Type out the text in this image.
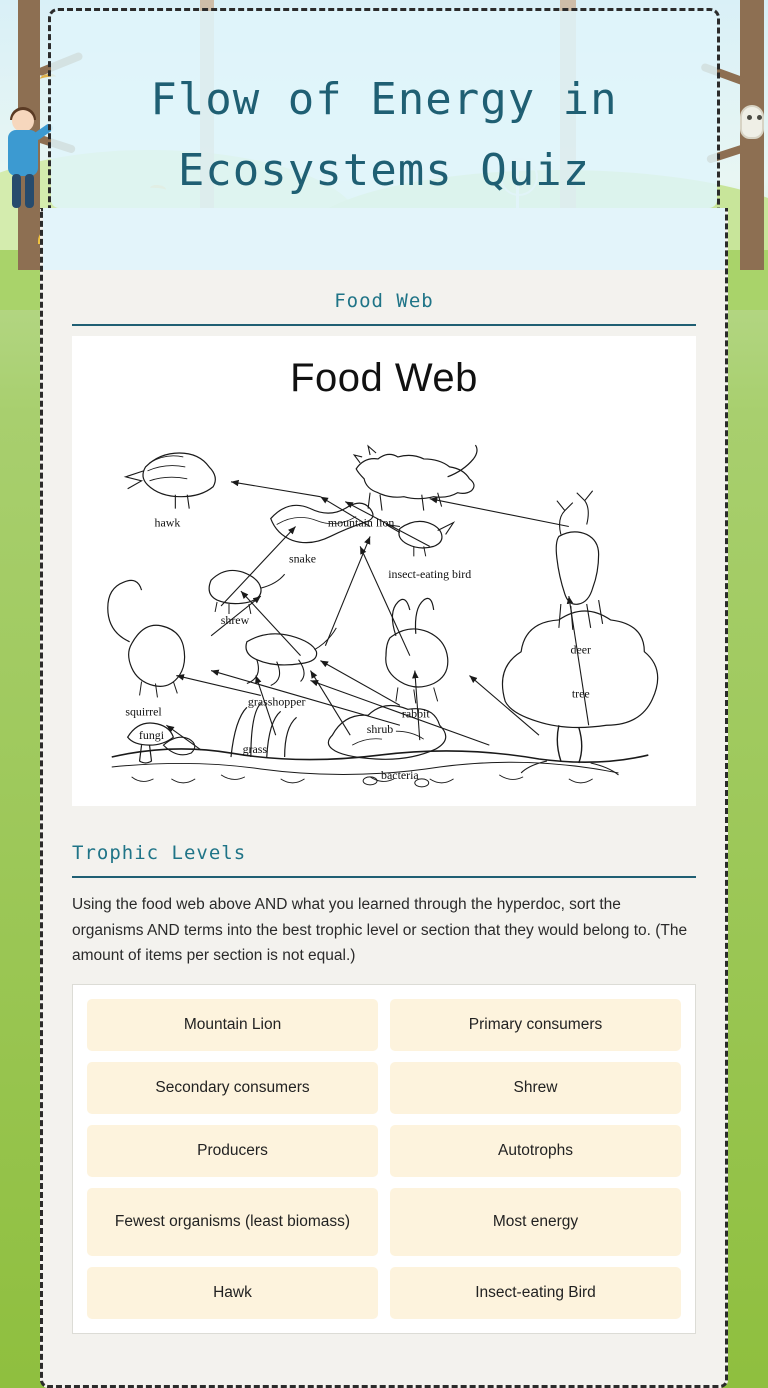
Flow of Energy in Ecosystems Quiz
Food Web
Food Web
mountain lion
hawk
snake
insect-eating bird
deer
shrew
squirrel
grasshopper
rabbit
tree
shrub
grass
fungi
bacteria
Trophic Levels

Using the food web above AND what you learned through the hyperdoc, sort the organisms AND terms into the best trophic level or section that they would belong to. (The amount of items per section is not equal.)

Mountain Lion	Primary consumers
Secondary consumers	Shrew
Producers	Autotrophs
Fewest organisms (least biomass)	Most energy
Hawk	Insect-eating Bird
